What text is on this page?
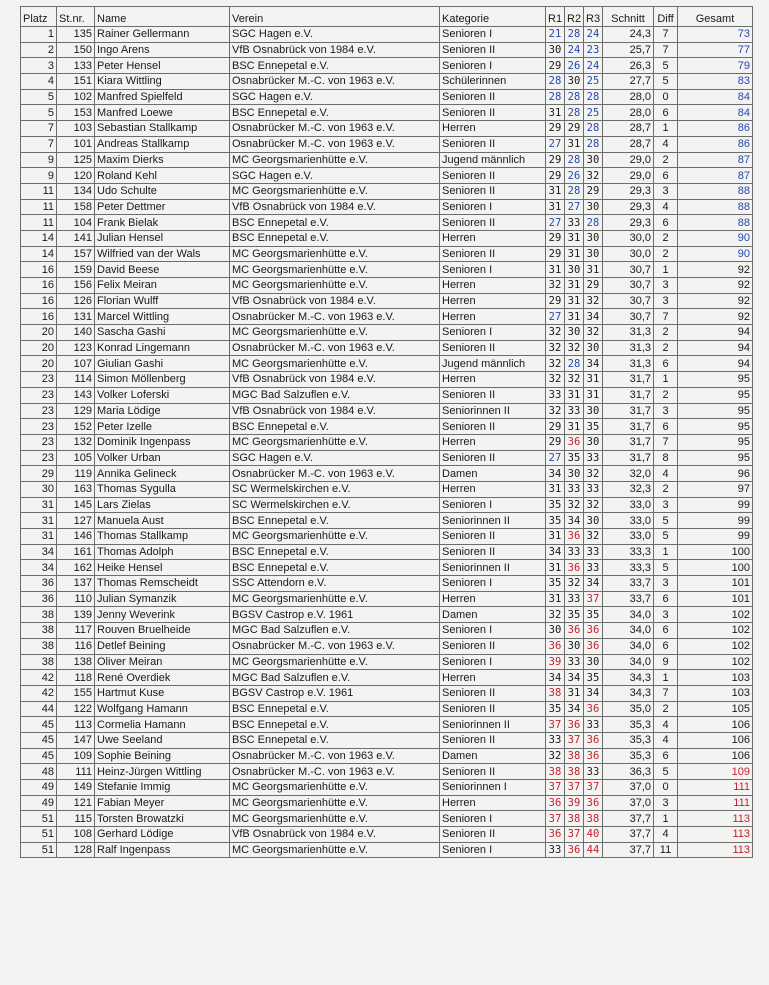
Platz	St.nr.	Name	Verein	Kategorie	R1	R2	R3	Schnitt	Diff	Gesamt
1	135	Rainer Gellermann	SGC Hagen e.V.	Senioren I	21	28	24	24,3	7	73
2	150	Ingo Arens	VfB Osnabrück von 1984 e.V.	Senioren II	30	24	23	25,7	7	77
3	133	Peter Hensel	BSC Ennepetal e.V.	Senioren I	29	26	24	26,3	5	79
4	151	Kiara Wittling	Osnabrücker M.-C. von 1963 e.V.	Schülerinnen	28	30	25	27,7	5	83
5	102	Manfred Spielfeld	SGC Hagen e.V.	Senioren II	28	28	28	28,0	0	84
5	153	Manfred Loewe	BSC Ennepetal e.V.	Senioren II	31	28	25	28,0	6	84
7	103	Sebastian Stallkamp	Osnabrücker M.-C. von 1963 e.V.	Herren	29	29	28	28,7	1	86
7	101	Andreas Stallkamp	Osnabrücker M.-C. von 1963 e.V.	Senioren II	27	31	28	28,7	4	86
9	125	Maxim Dierks	MC Georgsmarienhütte e.V.	Jugend männlich	29	28	30	29,0	2	87
9	120	Roland Kehl	SGC Hagen e.V.	Senioren II	29	26	32	29,0	6	87
11	134	Udo Schulte	MC Georgsmarienhütte e.V.	Senioren II	31	28	29	29,3	3	88
11	158	Peter Dettmer	VfB Osnabrück von 1984 e.V.	Senioren I	31	27	30	29,3	4	88
11	104	Frank Bielak	BSC Ennepetal e.V.	Senioren II	27	33	28	29,3	6	88
14	141	Julian Hensel	BSC Ennepetal e.V.	Herren	29	31	30	30,0	2	90
14	157	Wilfried van der Wals	MC Georgsmarienhütte e.V.	Senioren II	29	31	30	30,0	2	90
16	159	David Beese	MC Georgsmarienhütte e.V.	Senioren I	31	30	31	30,7	1	92
16	156	Felix Meiran	MC Georgsmarienhütte e.V.	Herren	32	31	29	30,7	3	92
16	126	Florian Wulff	VfB Osnabrück von 1984 e.V.	Herren	29	31	32	30,7	3	92
16	131	Marcel Wittling	Osnabrücker M.-C. von 1963 e.V.	Herren	27	31	34	30,7	7	92
20	140	Sascha Gashi	MC Georgsmarienhütte e.V.	Senioren I	32	30	32	31,3	2	94
20	123	Konrad Lingemann	Osnabrücker M.-C. von 1963 e.V.	Senioren II	32	32	30	31,3	2	94
20	107	Giulian Gashi	MC Georgsmarienhütte e.V.	Jugend männlich	32	28	34	31,3	6	94
23	114	Simon Möllenberg	VfB Osnabrück von 1984 e.V.	Herren	32	32	31	31,7	1	95
23	143	Volker Loferski	MGC Bad Salzuflen e.V.	Senioren II	33	31	31	31,7	2	95
23	129	Maria Lödige	VfB Osnabrück von 1984 e.V.	Seniorinnen II	32	33	30	31,7	3	95
23	152	Peter Izelle	BSC Ennepetal e.V.	Senioren II	29	31	35	31,7	6	95
23	132	Dominik Ingenpass	MC Georgsmarienhütte e.V.	Herren	29	36	30	31,7	7	95
23	105	Volker Urban	SGC Hagen e.V.	Senioren II	27	35	33	31,7	8	95
29	119	Annika Gelineck	Osnabrücker M.-C. von 1963 e.V.	Damen	34	30	32	32,0	4	96
30	163	Thomas Sygulla	SC Wermelskirchen e.V.	Herren	31	33	33	32,3	2	97
31	145	Lars Zielas	SC Wermelskirchen e.V.	Senioren I	35	32	32	33,0	3	99
31	127	Manuela Aust	BSC Ennepetal e.V.	Seniorinnen II	35	34	30	33,0	5	99
31	146	Thomas Stallkamp	MC Georgsmarienhütte e.V.	Senioren II	31	36	32	33,0	5	99
34	161	Thomas Adolph	BSC Ennepetal e.V.	Senioren II	34	33	33	33,3	1	100
34	162	Heike Hensel	BSC Ennepetal e.V.	Seniorinnen II	31	36	33	33,3	5	100
36	137	Thomas Remscheidt	SSC Attendorn e.V.	Senioren I	35	32	34	33,7	3	101
36	110	Julian Symanzik	MC Georgsmarienhütte e.V.	Herren	31	33	37	33,7	6	101
38	139	Jenny Weverink	BGSV Castrop e.V. 1961	Damen	32	35	35	34,0	3	102
38	117	Rouven Bruelheide	MGC Bad Salzuflen e.V.	Senioren I	30	36	36	34,0	6	102
38	116	Detlef Beining	Osnabrücker M.-C. von 1963 e.V.	Senioren II	36	30	36	34,0	6	102
38	138	Oliver Meiran	MC Georgsmarienhütte e.V.	Senioren I	39	33	30	34,0	9	102
42	118	René Overdiek	MGC Bad Salzuflen e.V.	Herren	34	34	35	34,3	1	103
42	155	Hartmut Kuse	BGSV Castrop e.V. 1961	Senioren II	38	31	34	34,3	7	103
44	122	Wolfgang Hamann	BSC Ennepetal e.V.	Senioren II	35	34	36	35,0	2	105
45	113	Cormelia Hamann	BSC Ennepetal e.V.	Seniorinnen II	37	36	33	35,3	4	106
45	147	Uwe Seeland	BSC Ennepetal e.V.	Senioren II	33	37	36	35,3	4	106
45	109	Sophie Beining	Osnabrücker M.-C. von 1963 e.V.	Damen	32	38	36	35,3	6	106
48	111	Heinz-Jürgen Wittling	Osnabrücker M.-C. von 1963 e.V.	Senioren II	38	38	33	36,3	5	109
49	149	Stefanie Immig	MC Georgsmarienhütte e.V.	Seniorinnen I	37	37	37	37,0	0	111
49	121	Fabian Meyer	MC Georgsmarienhütte e.V.	Herren	36	39	36	37,0	3	111
51	115	Torsten Browatzki	MC Georgsmarienhütte e.V.	Senioren I	37	38	38	37,7	1	113
51	108	Gerhard Lödige	VfB Osnabrück von 1984 e.V.	Senioren II	36	37	40	37,7	4	113
51	128	Ralf Ingenpass	MC Georgsmarienhütte e.V.	Senioren I	33	36	44	37,7	11	113
